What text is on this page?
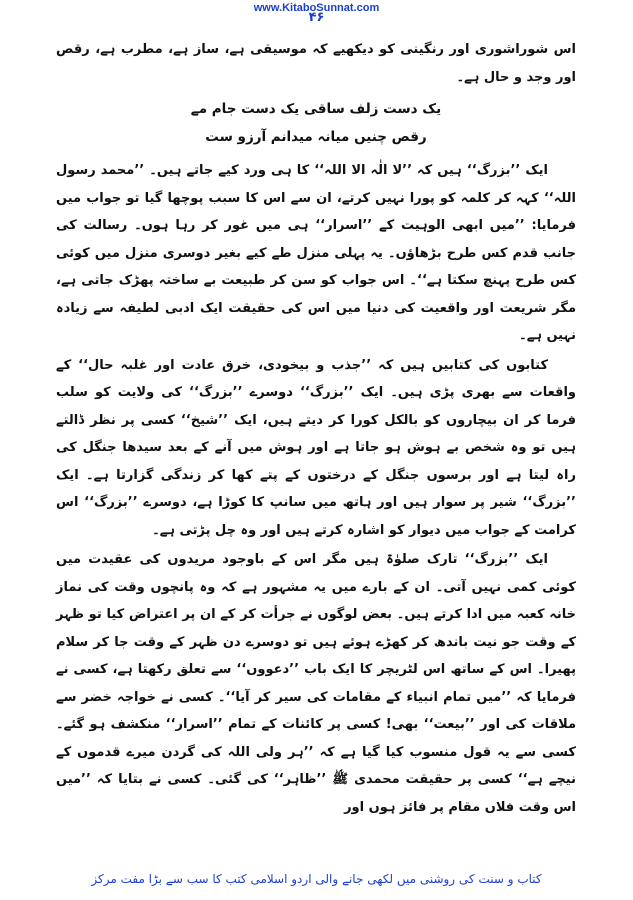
www.KitaboSunnat.com
۴۶

اس شوراشوری اور رنگینی کو دیکھیے کہ موسیقی ہے، ساز ہے، مطرب ہے، رقص اور وجد و حال ہے۔

یک دست زلف ساقی یک دست جام مے

رقص چنیں میانہ میدانم آرزو ست

ایک ’’بزرگ‘‘ ہیں کہ ’’لا الٰہ الا اللہ‘‘ کا ہی ورد کیے جاتے ہیں۔ ’’محمد رسول اللہ‘‘ کہہ کر کلمہ کو پورا نہیں کرتے، ان سے اس کا سبب پوچھا گیا تو جواب میں فرمایا: ’’میں ابھی الوہیت کے ’’اسرار‘‘ ہی میں غور کر رہا ہوں۔ رسالت کی جانب قدم کس طرح بڑھاؤں۔ یہ پہلی منزل طے کیے بغیر دوسری منزل میں کوئی کس طرح پہنچ سکتا ہے‘‘۔ اس جواب کو سن کر طبیعت بے ساختہ پھڑک جاتی ہے، مگر شریعت اور واقعیت کی دنیا میں اس کی حقیقت ایک ادبی لطیفہ سے زیادہ نہیں ہے۔

کتابوں کی کتابیں ہیں کہ ’’جذب و بیخودی، خرق عادت اور غلبہ حال‘‘ کے واقعات سے بھری پڑی ہیں۔ ایک ’’بزرگ‘‘ دوسرے ’’بزرگ‘‘ کی ولایت کو سلب فرما کر ان بیچاروں کو بالکل کورا کر دیتے ہیں، ایک ’’شیخ‘‘ کسی پر نظر ڈالتے ہیں تو وہ شخص بے ہوش ہو جاتا ہے اور ہوش میں آنے کے بعد سیدھا جنگل کی راہ لیتا ہے اور برسوں جنگل کے درختوں کے پتے کھا کر زندگی گزارتا ہے۔ ایک ’’بزرگ‘‘ شیر پر سوار ہیں اور ہاتھ میں سانپ کا کوڑا ہے، دوسرے ’’بزرگ‘‘ اس کرامت کے جواب میں دیوار کو اشارہ کرتے ہیں اور وہ چل پڑتی ہے۔

ایک ’’بزرگ‘‘ تارک صلوٰۃ ہیں مگر اس کے باوجود مریدوں کی عقیدت میں کوئی کمی نہیں آتی۔ ان کے بارے میں یہ مشہور ہے کہ وہ پانچوں وقت کی نماز خانہ کعبہ میں ادا کرتے ہیں۔ بعض لوگوں نے جرأت کر کے ان پر اعتراض کیا تو ظہر کے وقت جو نیت باندھ کر کھڑے ہوئے ہیں تو دوسرے دن ظہر کے وقت جا کر سلام پھیرا۔ اس کے ساتھ اس لٹریچر کا ایک باب ’’دعووں‘‘ سے تعلق رکھتا ہے، کسی نے فرمایا کہ ’’میں تمام انبیاء کے مقامات کی سیر کر آیا‘‘۔ کسی نے خواجہ خضر سے ملاقات کی اور ’’بیعت‘‘ بھی! کسی پر کائنات کے تمام ’’اسرار‘‘ منکشف ہو گئے۔ کسی سے یہ قول منسوب کیا گیا ہے کہ ’’ہر ولی اللہ کی گردن میرے قدموں کے نیچے ہے‘‘ کسی پر حقیقت محمدی ﷺ ’’ظاہر‘‘ کی گئی۔ کسی نے بتایا کہ ’’میں اس وقت فلاں مقام پر فائز ہوں اور

کتاب و سنت کی روشنی میں لکھی جانے والی اردو اسلامی کتب کا سب سے بڑا مفت مرکز
